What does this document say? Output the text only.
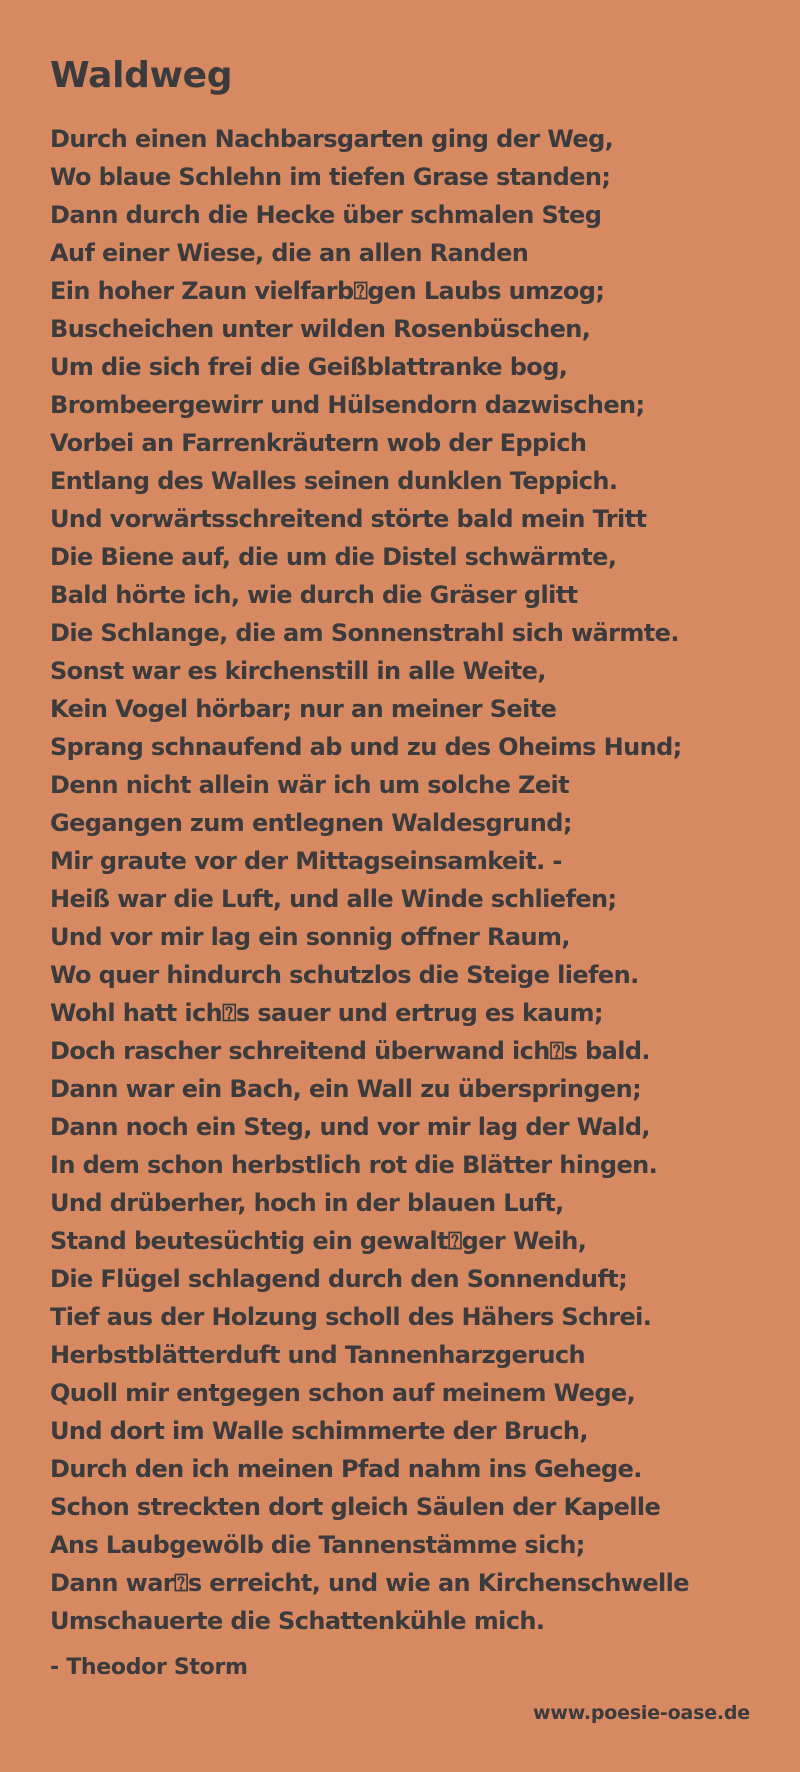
Waldweg
Durch einen Nachbarsgarten ging der Weg,
Wo blaue Schlehn im tiefen Grase standen;
Dann durch die Hecke über schmalen Steg
Auf einer Wiese, die an allen Randen
Ein hoher Zaun vielfarb⍰gen Laubs umzog;
Buscheichen unter wilden Rosenbüschen,
Um die sich frei die Geißblattranke bog,
Brombeergewirr und Hülsendorn dazwischen;
Vorbei an Farrenkräutern wob der Eppich
Entlang des Walles seinen dunklen Teppich.
Und vorwärtsschreitend störte bald mein Tritt
Die Biene auf, die um die Distel schwärmte,
Bald hörte ich, wie durch die Gräser glitt
Die Schlange, die am Sonnenstrahl sich wärmte.
Sonst war es kirchenstill in alle Weite,
Kein Vogel hörbar; nur an meiner Seite
Sprang schnaufend ab und zu des Oheims Hund;
Denn nicht allein wär ich um solche Zeit
Gegangen zum entlegnen Waldesgrund;
Mir graute vor der Mittagseinsamkeit. -
Heiß war die Luft, und alle Winde schliefen;
Und vor mir lag ein sonnig offner Raum,
Wo quer hindurch schutzlos die Steige liefen.
Wohl hatt ich⍰s sauer und ertrug es kaum;
Doch rascher schreitend überwand ich⍰s bald.
Dann war ein Bach, ein Wall zu überspringen;
Dann noch ein Steg, und vor mir lag der Wald,
In dem schon herbstlich rot die Blätter hingen.
Und drüberher, hoch in der blauen Luft,
Stand beutesüchtig ein gewalt⍰ger Weih,
Die Flügel schlagend durch den Sonnenduft;
Tief aus der Holzung scholl des Hähers Schrei.
Herbstblätterduft und Tannenharzgeruch
Quoll mir entgegen schon auf meinem Wege,
Und dort im Walle schimmerte der Bruch,
Durch den ich meinen Pfad nahm ins Gehege.
Schon streckten dort gleich Säulen der Kapelle
Ans Laubgewölb die Tannenstämme sich;
Dann war⍰s erreicht, und wie an Kirchenschwelle
Umschauerte die Schattenkühle mich.
- Theodor Storm
www.poesie-oase.de
